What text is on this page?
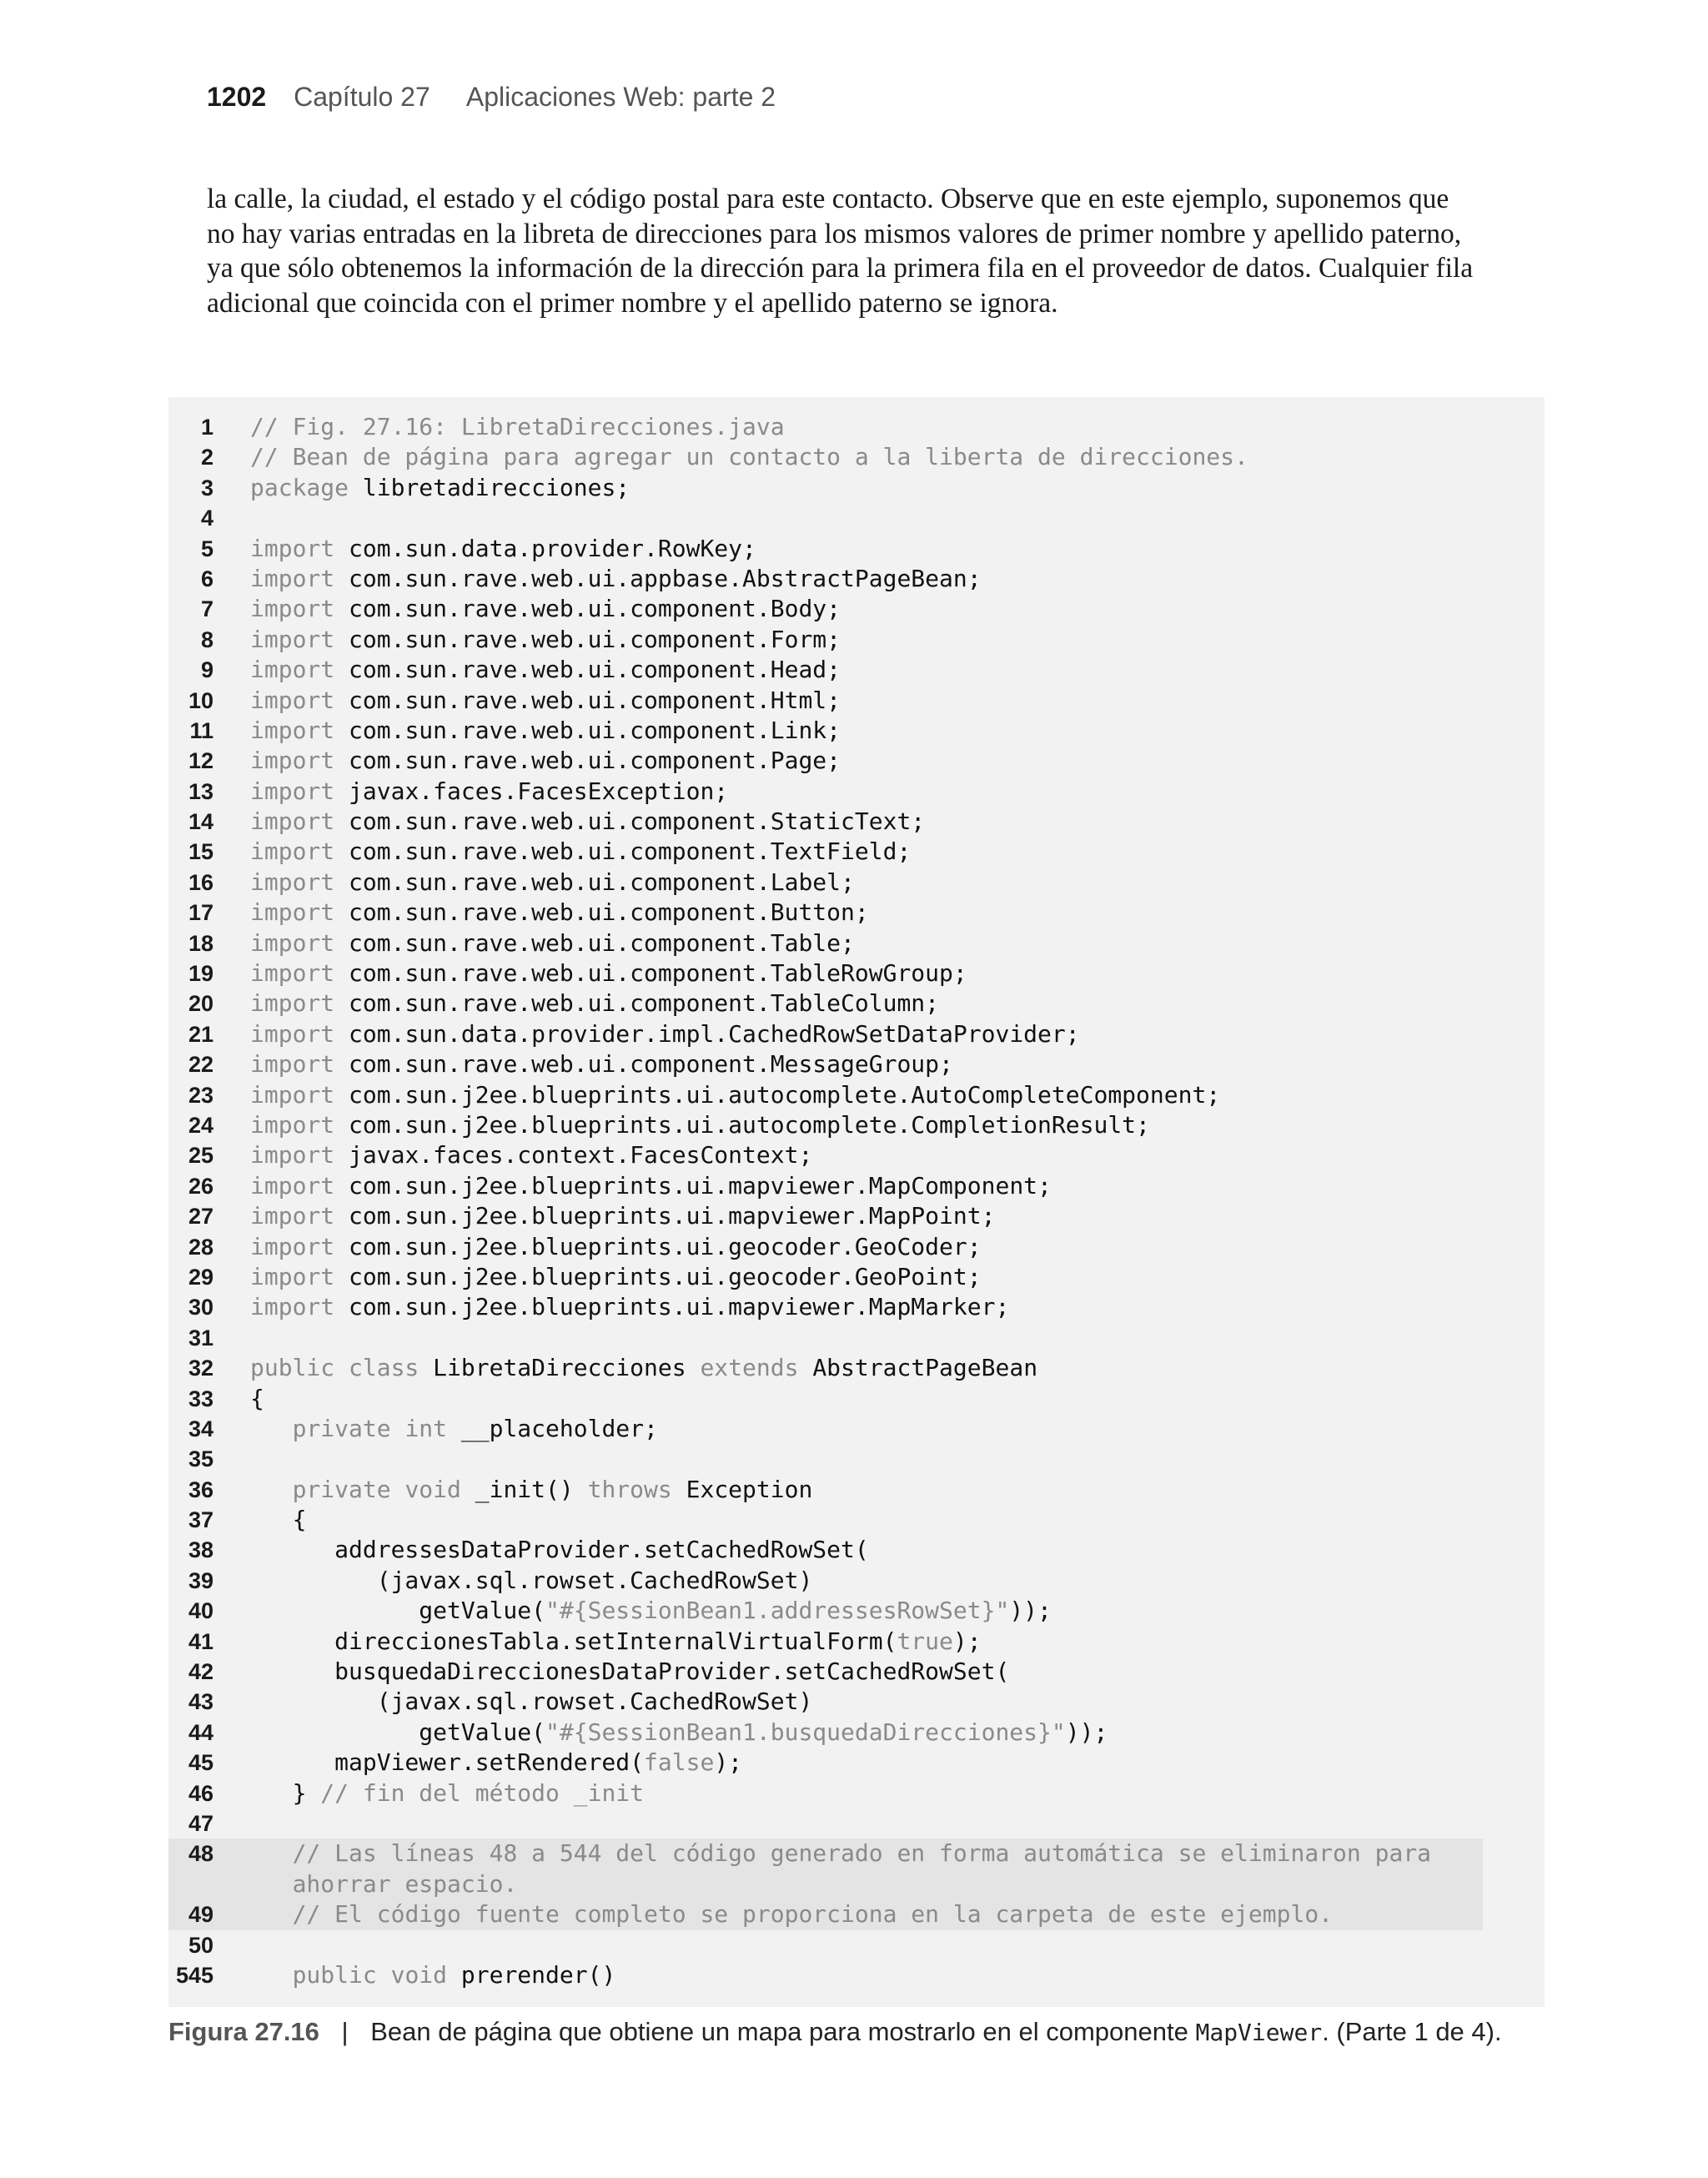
1202 Capítulo 27 Aplicaciones Web: parte 2

la calle, la ciudad, el estado y el código postal para este contacto. Observe que en este ejemplo, suponemos que
no hay varias entradas en la libreta de direcciones para los mismos valores de primer nombre y apellido paterno,
ya que sólo obtenemos la información de la dirección para la primera fila en el proveedor de datos. Cualquier fila
adicional que coincida con el primer nombre y el apellido paterno se ignora.

1 // Fig. 27.16: LibretaDirecciones.java
2 // Bean de página para agregar un contacto a la liberta de direcciones.
3 package libretadirecciones;
4
5 import com.sun.data.provider.RowKey;
6 import com.sun.rave.web.ui.appbase.AbstractPageBean;
7 import com.sun.rave.web.ui.component.Body;
8 import com.sun.rave.web.ui.component.Form;
9 import com.sun.rave.web.ui.component.Head;
10 import com.sun.rave.web.ui.component.Html;
11 import com.sun.rave.web.ui.component.Link;
12 import com.sun.rave.web.ui.component.Page;
13 import javax.faces.FacesException;
14 import com.sun.rave.web.ui.component.StaticText;
15 import com.sun.rave.web.ui.component.TextField;
16 import com.sun.rave.web.ui.component.Label;
17 import com.sun.rave.web.ui.component.Button;
18 import com.sun.rave.web.ui.component.Table;
19 import com.sun.rave.web.ui.component.TableRowGroup;
20 import com.sun.rave.web.ui.component.TableColumn;
21 import com.sun.data.provider.impl.CachedRowSetDataProvider;
22 import com.sun.rave.web.ui.component.MessageGroup;
23 import com.sun.j2ee.blueprints.ui.autocomplete.AutoCompleteComponent;
24 import com.sun.j2ee.blueprints.ui.autocomplete.CompletionResult;
25 import javax.faces.context.FacesContext;
26 import com.sun.j2ee.blueprints.ui.mapviewer.MapComponent;
27 import com.sun.j2ee.blueprints.ui.mapviewer.MapPoint;
28 import com.sun.j2ee.blueprints.ui.geocoder.GeoCoder;
29 import com.sun.j2ee.blueprints.ui.geocoder.GeoPoint;
30 import com.sun.j2ee.blueprints.ui.mapviewer.MapMarker;
31
32 public class LibretaDirecciones extends AbstractPageBean
33 {
34	private int __placeholder;
35
36	private void _init() throws Exception
37 {
38 addressesDataProvider.setCachedRowSet(
39 (javax.sql.rowset.CachedRowSet)
40 getValue("#{SessionBean1.addressesRowSet}"));
41 direccionesTabla.setInternalVirtualForm(true);
42 busquedaDireccionesDataProvider.setCachedRowSet(
43 (javax.sql.rowset.CachedRowSet)
44 getValue("#{SessionBean1.busquedaDirecciones}"));
45 mapViewer.setRendered(false);
46 } // fin del método _init
47
48	// Las líneas 48 a 544 del código generado en forma automática se eliminaron para
ahorrar espacio.
49	// El código fuente completo se proporciona en la carpeta de este ejemplo.
50
545	public void prerender()
Figura 27.16 | Bean de página que obtiene un mapa para mostrarlo en el componente MapViewer. (Parte 1 de 4).
